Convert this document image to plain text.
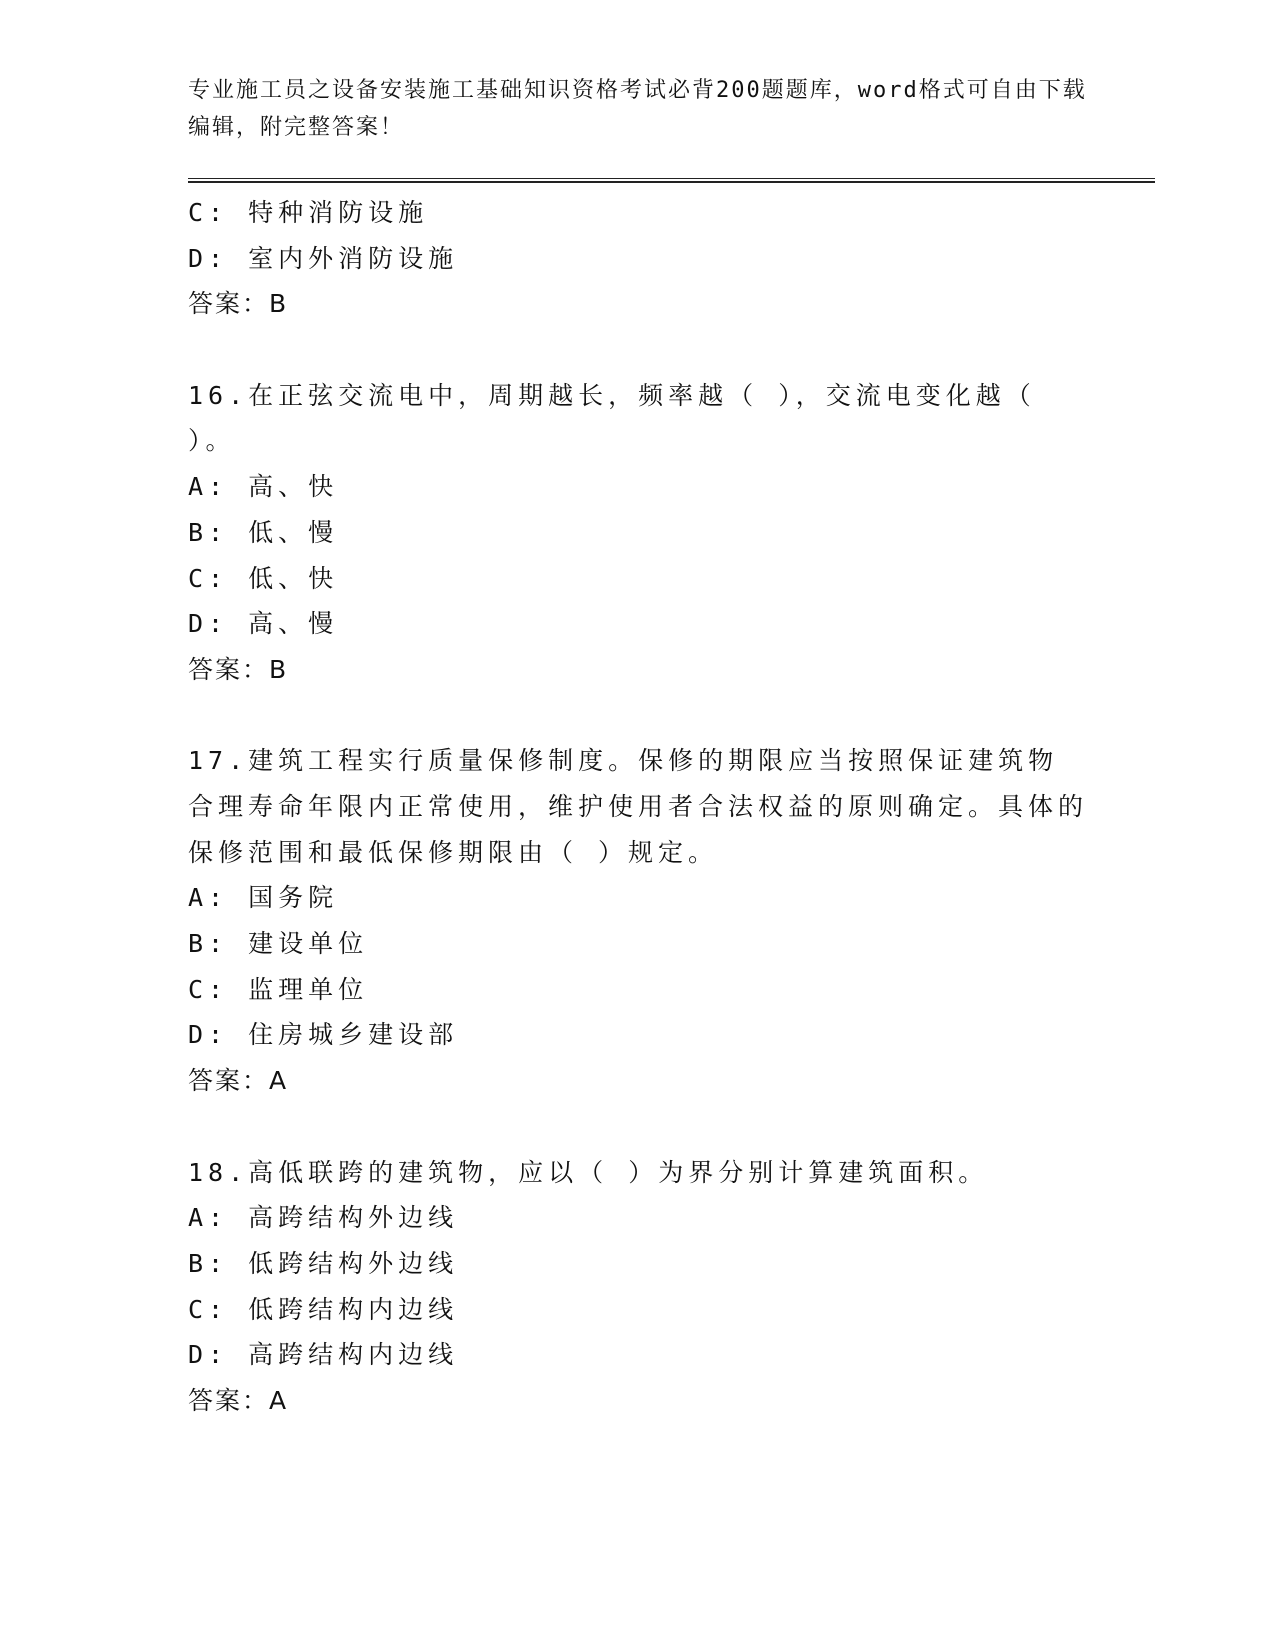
专业施工员之设备安装施工基础知识资格考试必背200题题库，word格式可自由下载编辑，附完整答案！
C: 特种消防设施
D: 室内外消防设施
答案：B
16.在正弦交流电中，周期越长，频率越（ ），交流电变化越（ ）。
A: 高、快
B: 低、慢
C: 低、快
D: 高、慢
答案：B
17.建筑工程实行质量保修制度。保修的期限应当按照保证建筑物合理寿命年限内正常使用，维护使用者合法权益的原则确定。具体的保修范围和最低保修期限由（ ）规定。
A: 国务院
B: 建设单位
C: 监理单位
D: 住房城乡建设部
答案：A
18.高低联跨的建筑物，应以（ ）为界分别计算建筑面积。
A: 高跨结构外边线
B: 低跨结构外边线
C: 低跨结构内边线
D: 高跨结构内边线
答案：A
